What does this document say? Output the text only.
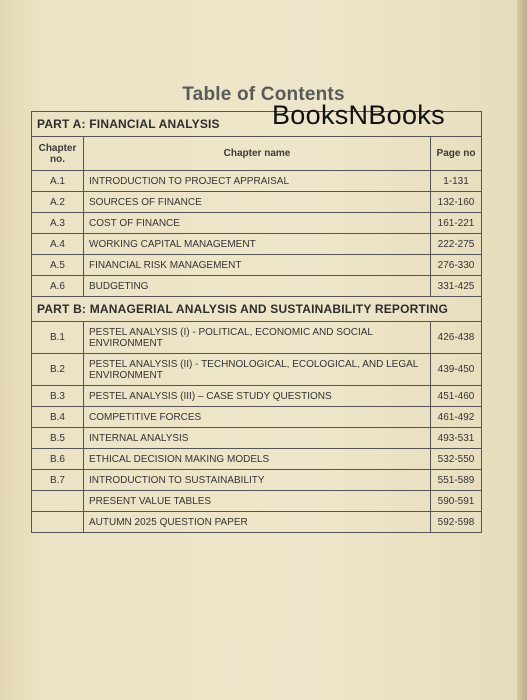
Table of Contents
BooksNBooks
PART A: FINANCIAL ANALYSIS		
Chapter no.	Chapter name	Page no
A.1	INTRODUCTION TO PROJECT APPRAISAL	1-131
A.2	SOURCES OF FINANCE	132-160
A.3	COST OF FINANCE	161-221
A.4	WORKING CAPITAL MANAGEMENT	222-275
A.5	FINANCIAL RISK MANAGEMENT	276-330
A.6	BUDGETING	331-425
PART B: MANAGERIAL ANALYSIS AND SUSTAINABILITY REPORTING		
B.1	PESTEL ANALYSIS (I) - POLITICAL, ECONOMIC AND SOCIAL ENVIRONMENT	426-438
B.2	PESTEL ANALYSIS (II) - TECHNOLOGICAL, ECOLOGICAL, AND LEGAL ENVIRONMENT	439-450
B.3	PESTEL ANALYSIS (III) – CASE STUDY QUESTIONS	451-460
B.4	COMPETITIVE FORCES	461-492
B.5	INTERNAL ANALYSIS	493-531
B.6	ETHICAL DECISION MAKING MODELS	532-550
B.7	INTRODUCTION TO SUSTAINABILITY	551-589
	PRESENT VALUE TABLES	590-591
	AUTUMN 2025 QUESTION PAPER	592-598
